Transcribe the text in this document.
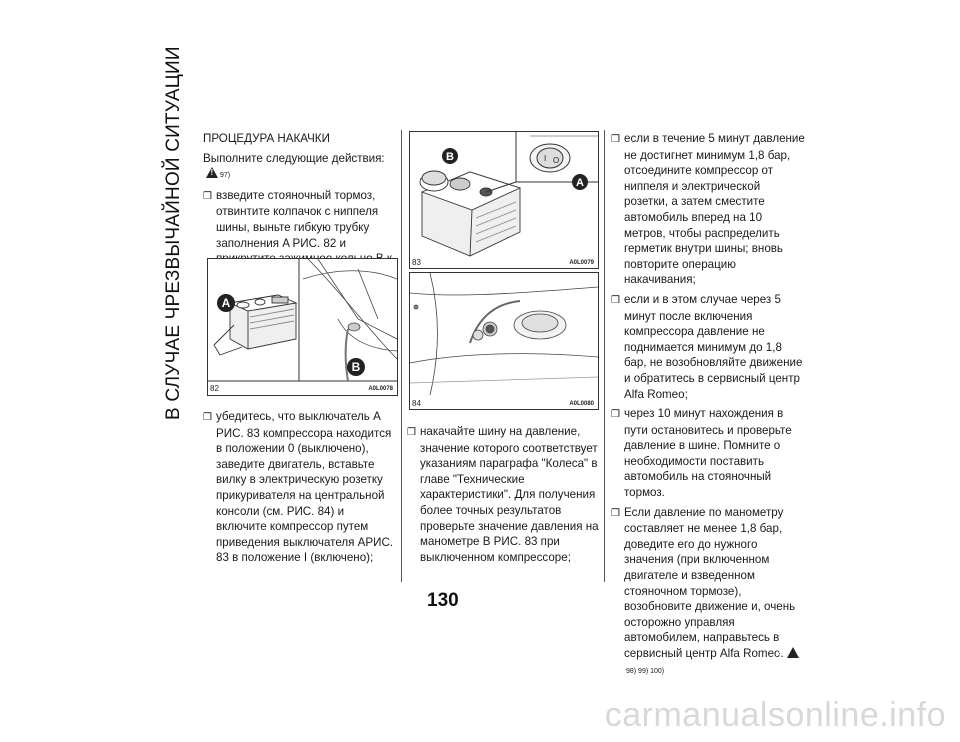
В СЛУЧАЕ ЧРЕЗВЫЧАЙНОЙ СИТУАЦИИ ПРОЦЕДУРА НАКАЧКИ

Выполните следующие действия:!97)

❒ взведите стояночный тормоз, отвинтите колпачок с ниппеля шины, выньте гибкую трубку заполнения A РИС. 82 и

A
B
82	A0L0078

❒ убедитесь, что выключатель A РИС. 83 компрессора находится в положении 0 (выключено), заведите двигатель, вставьте вилку в электрическую розетку прикуривателя на центральной консоли (см. РИС. 84) и включите компрессор путем приведения выключателя АРИС. 83 в положение I (включено);

I O
B
A
83	A0L0079
84	A0L0080

❒ накачайте шину на давление, значение которого соответствует указаниям параграфа "Колеса" в главе "Технические характеристики". Для получения более точных результатов проверьте значение давления на манометре B РИС. 83 при выключенном компрессоре;

❒ если в течение 5 минут давление не достигнет минимум 1,8 бар, отсоедините компрессор от ниппеля и электрической розетки, а затем сместите автомобиль вперед на 10 метров, чтобы распределить герметик внутри шины; вновь повторите операцию накачивания;

❒ если и в этом случае через 5 минут после включения компрессора давление не поднимается минимум до 1,8 бар, не возобновляйте движение и обратитесь в сервисный центр Alfa Romeo;

❒ через 10 минут нахождения в пути остановитесь и проверьте давление в шине. Помните о необходимости поставить автомобиль на стояночный тормоз.

❒ Если давление по манометру составляет не менее 1,8 бар, доведите его до нужного значения (при включенном двигателе и взведенном стояночном тормозе), возобновите движение и, очень осторожно управляя автомобилем, направьтесь в сервисный центр Alfa Romeo.!98) 99) 100)

130
carmanualsonline.info
